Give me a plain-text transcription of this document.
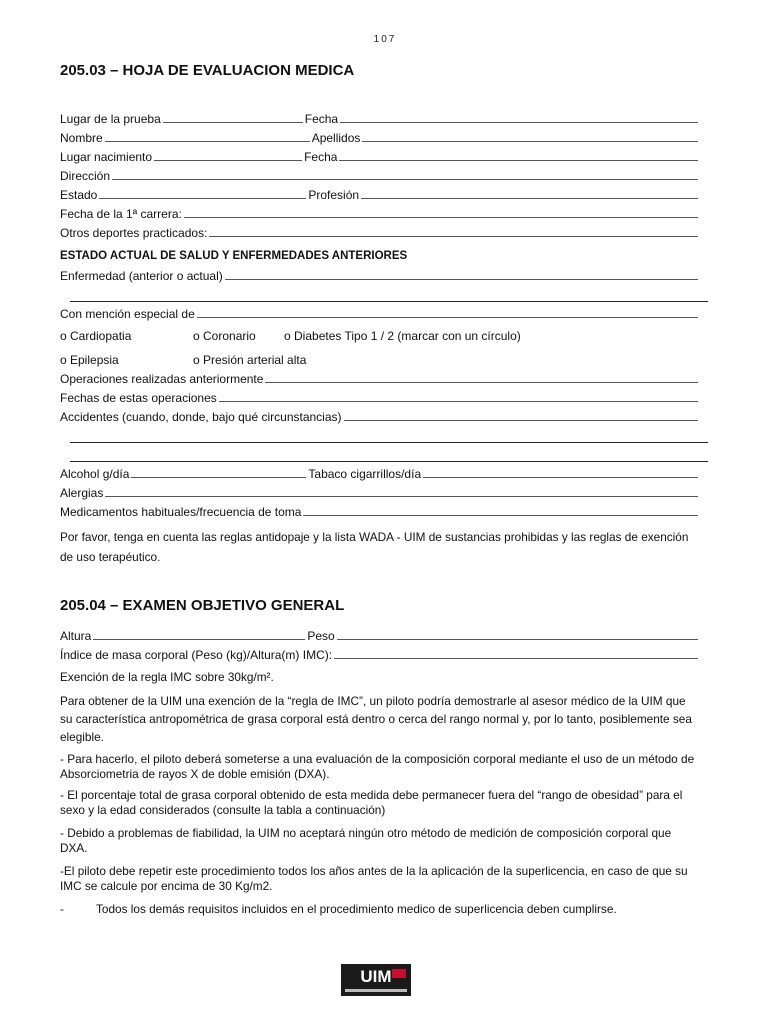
107
205.03 – HOJA DE EVALUACION MEDICA
Lugar de la prueba	Fecha
Nombre	Apellidos
Lugar nacimiento	Fecha
Dirección
Estado	Profesión
Fecha de la 1ª carrera:
Otros deportes practicados:
ESTADO ACTUAL DE SALUD Y ENFERMEDADES ANTERIORES
Enfermedad (anterior o actual)
Con mención especial de
o Cardiopatia	o Coronario	o Diabetes Tipo 1 / 2 (marcar con un círculo)
o Epilepsia	o Presión arterial alta
Operaciones realizadas anteriormente
Fechas de estas operaciones
Accidentes (cuando, donde, bajo qué circunstancias)
Alcohol g/día	Tabaco cigarrillos/día
Alergias
Medicamentos habituales/frecuencia de toma

Por favor, tenga en cuenta las reglas antidopaje y la lista WADA - UIM de sustancias prohibidas y las reglas de exención de uso terapéutico.

205.04 – EXAMEN OBJETIVO GENERAL
Altura	Peso
Índice de masa corporal (Peso (kg)/Altura(m) IMC):

Exención de la regla IMC sobre 30kg/m².

Para obtener de la UIM una exención de la “regla de IMC”, un piloto podría demostrarle al asesor médico de la UIM que su característica antropométrica de grasa corporal está dentro o cerca del rango normal y, por lo tanto, posiblemente sea elegible.

- Para hacerlo, el piloto deberá someterse a una evaluación de la composición corporal mediante el uso de un método de Absorciometria de rayos X de doble emisión (DXA).

- El porcentaje total de grasa corporal obtenido de esta medida debe permanecer fuera del “rango de obesidad” para el sexo y la edad considerados (consulte la tabla a continuación)

- Debido a problemas de fiabilidad, la UIM no aceptará ningún otro método de medición de composición corporal que DXA.

-El piloto debe repetir este procedimiento todos los años antes de la la aplicación de la superlicencia, en caso de que su IMC se calcule por encima de 30 Kg/m2.

-	Todos los demás requisitos incluidos en el procedimiento medico de superlicencia deben cumplirse.

UIM
